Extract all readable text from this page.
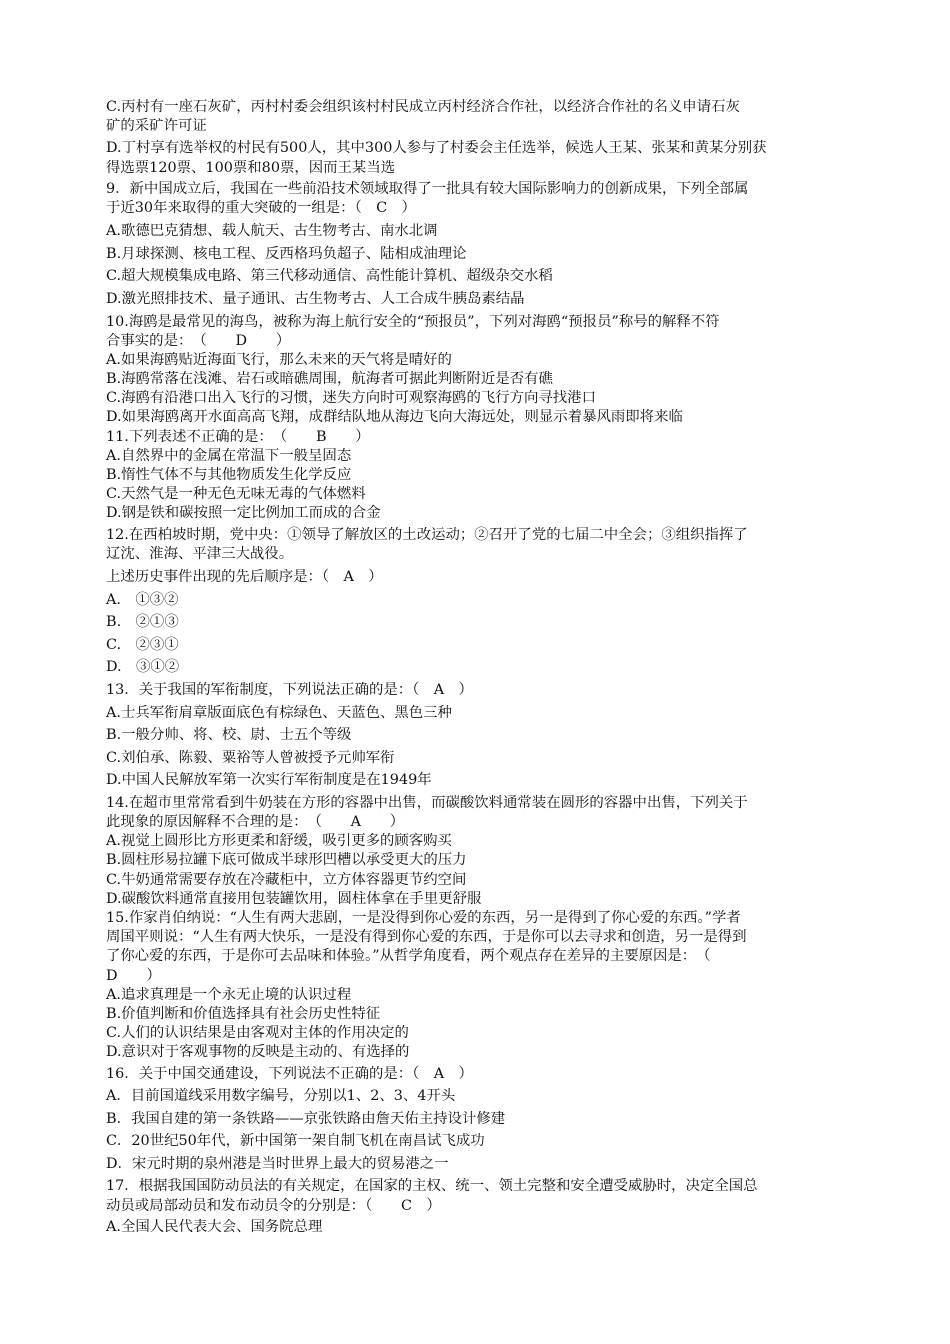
C.丙村有一座石灰矿，丙村村委会组织该村村民成立丙村经济合作社，以经济合作社的名义申请石灰
矿的采矿许可证
D.丁村享有选举权的村民有500人，其中300人参与了村委会主任选举，候选人王某、张某和黄某分别获
得选票120票、100票和80票，因而王某当选
9．新中国成立后，我国在一些前沿技术领域取得了一批具有较大国际影响力的创新成果，下列全部属
于近30年来取得的重大突破的一组是：（　C　）
A.歌德巴克猜想、载人航天、古生物考古、南水北调
B.月球探测、核电工程、反西格玛负超子、陆相成油理论
C.超大规模集成电路、第三代移动通信、高性能计算机、超级杂交水稻
D.激光照排技术、量子通讯、古生物考古、人工合成牛胰岛素结晶
10.海鸥是最常见的海鸟，被称为海上航行安全的“预报员”，下列对海鸥“预报员”称号的解释不符
合事实的是：　（　　D　　）
A.如果海鸥贴近海面飞行，那么未来的天气将是晴好的
B.海鸥常落在浅滩、岩石或暗礁周围，航海者可据此判断附近是否有礁
C.海鸥有沿港口出入飞行的习惯，迷失方向时可观察海鸥的飞行方向寻找港口
D.如果海鸥离开水面高高飞翔，成群结队地从海边飞向大海远处，则显示着暴风雨即将来临
11.下列表述不正确的是：　（　　B　　）
A.自然界中的金属在常温下一般呈固态
B.惰性气体不与其他物质发生化学反应
C.天然气是一种无色无味无毒的气体燃料
D.钢是铁和碳按照一定比例加工而成的合金
12.在西柏坡时期，党中央：①领导了解放区的土改运动；②召开了党的七届二中全会；③组织指挥了
辽沈、淮海、平津三大战役。
上述历史事件出现的先后顺序是：（　A　）
A.　①③②
B.　②①③
C.　②③①
D.　③①②
13．关于我国的军衔制度，下列说法正确的是：（　A　）
A.士兵军衔肩章版面底色有棕绿色、天蓝色、黑色三种
B.一般分帅、将、校、尉、士五个等级
C.刘伯承、陈毅、粟裕等人曾被授予元帅军衔
D.中国人民解放军第一次实行军衔制度是在1949年
14.在超市里常常看到牛奶装在方形的容器中出售，而碳酸饮料通常装在圆形的容器中出售，下列关于
此现象的原因解释不合理的是：　（　　A　　）
A.视觉上圆形比方形更柔和舒缓，吸引更多的顾客购买
B.圆柱形易拉罐下底可做成半球形凹槽以承受更大的压力
C.牛奶通常需要存放在冷藏柜中，立方体容器更节约空间
D.碳酸饮料通常直接用包装罐饮用，圆柱体拿在手里更舒服
15.作家肖伯纳说：“人生有两大悲剧，一是没得到你心爱的东西，另一是得到了你心爱的东西。”学者
周国平则说：“人生有两大快乐，一是没有得到你心爱的东西，于是你可以去寻求和创造，另一是得到
了你心爱的东西，于是你可去品味和体验。”从哲学角度看，两个观点存在差异的主要原因是：　（
D　　）
A.追求真理是一个永无止境的认识过程
B.价值判断和价值选择具有社会历史性特征
C.人们的认识结果是由客观对主体的作用决定的
D.意识对于客观事物的反映是主动的、有选择的
16．关于中国交通建设，下列说法不正确的是：（　A　）
A．目前国道线采用数字编号，分别以1、2、3、4开头
B．我国自建的第一条铁路——京张铁路由詹天佑主持设计修建
C．20世纪50年代，新中国第一架自制飞机在南昌试飞成功
D．宋元时期的泉州港是当时世界上最大的贸易港之一
17．根据我国国防动员法的有关规定，在国家的主权、统一、领土完整和安全遭受威胁时，决定全国总
动员或局部动员和发布动员令的分别是：（　　C　）
A.全国人民代表大会、国务院总理
